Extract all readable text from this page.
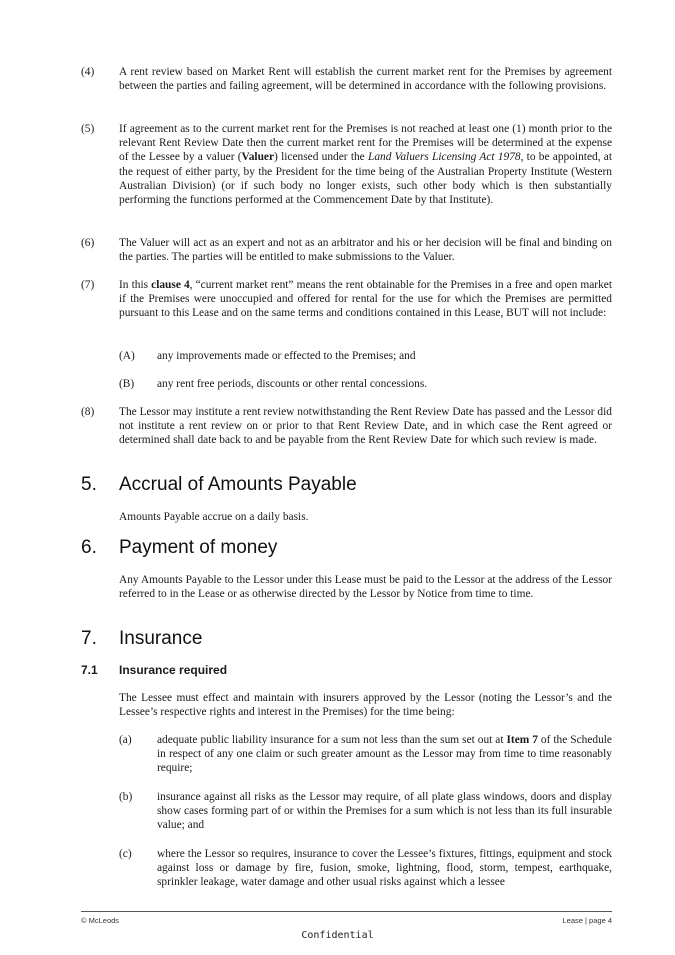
(4) A rent review based on Market Rent will establish the current market rent for the Premises by agreement between the parties and failing agreement, will be determined in accordance with the following provisions.
(5) If agreement as to the current market rent for the Premises is not reached at least one (1) month prior to the relevant Rent Review Date then the current market rent for the Premises will be determined at the expense of the Lessee by a valuer (Valuer) licensed under the Land Valuers Licensing Act 1978, to be appointed, at the request of either party, by the President for the time being of the Australian Property Institute (Western Australian Division) (or if such body no longer exists, such other body which is then substantially performing the functions performed at the Commencement Date by that Institute).
(6) The Valuer will act as an expert and not as an arbitrator and his or her decision will be final and binding on the parties. The parties will be entitled to make submissions to the Valuer.
(7) In this clause 4, “current market rent” means the rent obtainable for the Premises in a free and open market if the Premises were unoccupied and offered for rental for the use for which the Premises are permitted pursuant to this Lease and on the same terms and conditions contained in this Lease, BUT will not include:
(A) any improvements made or effected to the Premises; and
(B) any rent free periods, discounts or other rental concessions.
(8) The Lessor may institute a rent review notwithstanding the Rent Review Date has passed and the Lessor did not institute a rent review on or prior to that Rent Review Date, and in which case the Rent agreed or determined shall date back to and be payable from the Rent Review Date for which such review is made.
5. Accrual of Amounts Payable
Amounts Payable accrue on a daily basis.
6. Payment of money
Any Amounts Payable to the Lessor under this Lease must be paid to the Lessor at the address of the Lessor referred to in the Lease or as otherwise directed by the Lessor by Notice from time to time.
7. Insurance
7.1 Insurance required
The Lessee must effect and maintain with insurers approved by the Lessor (noting the Lessor’s and the Lessee’s respective rights and interest in the Premises) for the time being:
(a) adequate public liability insurance for a sum not less than the sum set out at Item 7 of the Schedule in respect of any one claim or such greater amount as the Lessor may from time to time reasonably require;
(b) insurance against all risks as the Lessor may require, of all plate glass windows, doors and display show cases forming part of or within the Premises for a sum which is not less than its full insurable value; and
(c) where the Lessor so requires, insurance to cover the Lessee’s fixtures, fittings, equipment and stock against loss or damage by fire, fusion, smoke, lightning, flood, storm, tempest, earthquake, sprinkler leakage, water damage and other usual risks against which a lessee
© McLeods	Lease | page 4
Confidential
